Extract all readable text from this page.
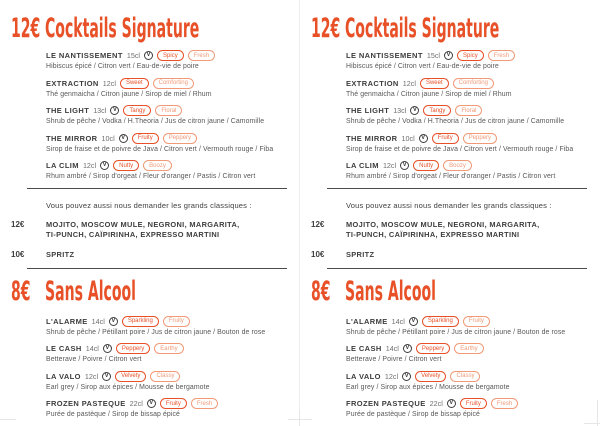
12€ Cocktails Signature
LE NANTISSEMENT 15cl	V	Spicy	Fresh
Hibiscus épicé / Citron vert / Eau-de-vie de poire
EXTRACTION 12cl	Sweet	Comforting
Thé genmaicha / Citron jaune / Sirop de miel / Rhum
THE LIGHT 13cl	V	Tangy	Floral
Shrub de pêche / Vodka / H.Theoria / Jus de citron jaune / Camomille
THE MIRROR 10cl	V	Fruity	Peppery
Sirop de fraise et de poivre de Java / Citron vert / Vermouth rouge / Fiba
LA CLIM 12cl	V	Nutty	Boozy
Rhum ambré / Sirop d'orgeat / Fleur d'oranger / Pastis / Citron vert

Vous pouvez aussi nous demander les grands classiques :

12€	MOJITO, MOSCOW MULE, NEGRONI, MARGARITA,
TI-PUNCH, CAÏPIRINHA, EXPRESSO MARTINI
10€	SPRITZ
8€ Sans Alcool
L'ALARME 14cl	V	Sparkling	Fruity
Shrub de pêche / Pétillant poire / Jus de citron jaune / Bouton de rose
LE CASH 14cl	V	Peppery	Earthy
Betterave / Poivre / Citron vert
LA VALO 12cl	V	Velvety	Classy
Earl grey / Sirop aux épices / Mousse de bergamote
FROZEN PASTEQUE 22cl	V	Fruity	Fresh
Purée de pastèque / Sirop de bissap épicé
12€ Cocktails Signature
LE NANTISSEMENT 15cl	V	Spicy	Fresh
Hibiscus épicé / Citron vert / Eau-de-vie de poire
EXTRACTION 12cl	Sweet	Comforting
Thé genmaicha / Citron jaune / Sirop de miel / Rhum
THE LIGHT 13cl	V	Tangy	Floral
Shrub de pêche / Vodka / H.Theoria / Jus de citron jaune / Camomille
THE MIRROR 10cl	V	Fruity	Peppery
Sirop de fraise et de poivre de Java / Citron vert / Vermouth rouge / Fiba
LA CLIM 12cl	V	Nutty	Boozy
Rhum ambré / Sirop d'orgeat / Fleur d'oranger / Pastis / Citron vert

Vous pouvez aussi nous demander les grands classiques :

12€	MOJITO, MOSCOW MULE, NEGRONI, MARGARITA,
TI-PUNCH, CAÏPIRINHA, EXPRESSO MARTINI
10€	SPRITZ
8€ Sans Alcool
L'ALARME 14cl	V	Sparkling	Fruity
Shrub de pêche / Pétillant poire / Jus de citron jaune / Bouton de rose
LE CASH 14cl	V	Peppery	Earthy
Betterave / Poivre / Citron vert
LA VALO 12cl	V	Velvety	Classy
Earl grey / Sirop aux épices / Mousse de bergamote
FROZEN PASTEQUE 22cl	V	Fruity	Fresh
Purée de pastèque / Sirop de bissap épicé
